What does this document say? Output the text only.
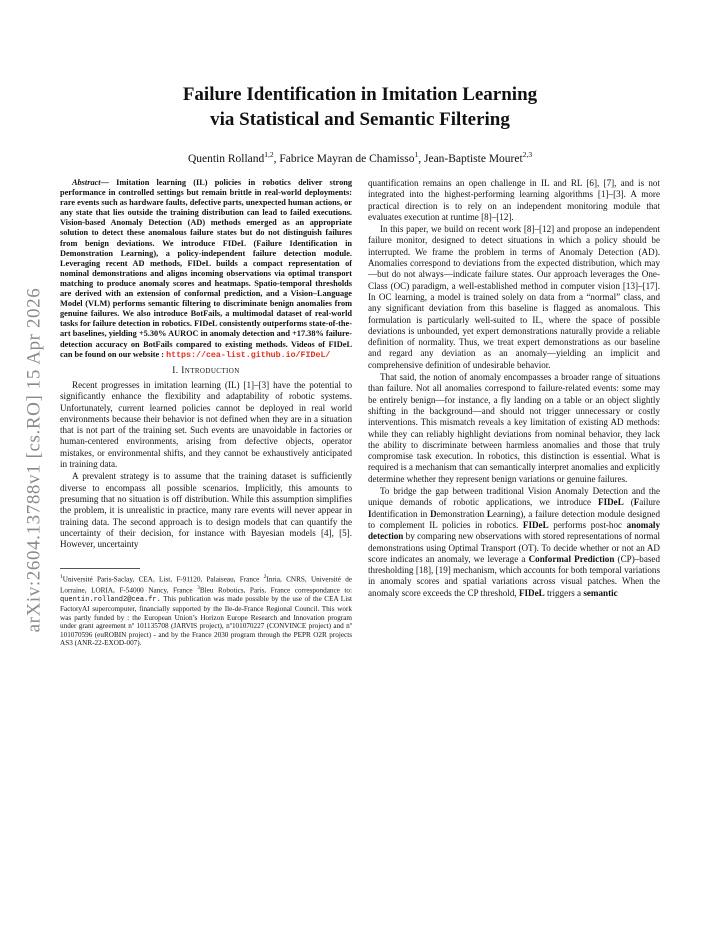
arXiv:2604.13788v1 [cs.RO] 15 Apr 2026
Failure Identification in Imitation Learning
via Statistical and Semantic Filtering
Quentin Rolland$^{1,2}$, Fabrice Mayran de Chamisso$^1$, Jean-Baptiste Mouret$^{2,3}$

Abstract— Imitation learning (IL) policies in robotics deliver strong performance in controlled settings but remain brittle in real-world deployments: rare events such as hardware faults, defective parts, unexpected human actions, or any state that lies outside the training distribution can lead to failed executions. Vision-based Anomaly Detection (AD) methods emerged as an appropriate solution to detect these anomalous failure states but do not distinguish failures from benign deviations. We introduce FIDeL (Failure Identification in Demonstration Learning), a policy-independent failure detection module. Leveraging recent AD methods, FIDeL builds a compact representation of nominal demonstrations and aligns incoming observations via optimal transport matching to produce anomaly scores and heatmaps. Spatio-temporal thresholds are derived with an extension of conformal prediction, and a Vision–Language Model (VLM) performs semantic filtering to discriminate benign anomalies from genuine failures. We also introduce BotFails, a multimodal dataset of real-world tasks for failure detection in robotics. FIDeL consistently outperforms state-of-the-art baselines, yielding +5.30% AUROC in anomaly detection and +17.38% failure-detection accuracy on BotFails compared to existing methods. Videos of FIDeL can be found on our website : https://cea-list.github.io/FIDeL/

I. Introduction

Recent progresses in imitation learning (IL) [1]–[3] have the potential to significantly enhance the flexibility and adaptability of robotic systems. Unfortunately, current learned policies cannot be deployed in real world environments because their behavior is not defined when they are in a situation that is not part of the training set. Such events are unavoidable in factories or human-centered environments, arising from defective objects, operator mistakes, or environmental shifts, and they cannot be exhaustively anticipated in training data.

A prevalent strategy is to assume that the training dataset is sufficiently diverse to encompass all possible scenarios. Implicitly, this amounts to presuming that no situation is off distribution. While this assumption simplifies the problem, it is unrealistic in practice, many rare events will never appear in training data. The second approach is to design models that can quantify the uncertainty of their decision, for instance with Bayesian models [4], [5]. However, uncertainty

$^1$Université Paris-Saclay, CEA, List, F-91120, Palaiseau, France $^2$Inria, CNRS, Université de Lorraine, LORIA, F-54000 Nancy, France $^3$Bleu Robotics, Paris, France correspondance to: quentin.rolland2@cea.fr. This publication was made possible by the use of the CEA List FactoryAI supercomputer, financially supported by the Ile-de-France Regional Council. This work was partly funded by : the European Union’s Horizon Europe Research and Innovation program under grant agreement nº 101135708 (JARVIS project), nº101070227 (CONVINCE project) and nº 101070596 (euROBIN project) - and by the France 2030 program through the PEPR O2R projects AS3 (ANR-22-EXOD-007).

quantification remains an open challenge in IL and RL [6], [7], and is not integrated into the highest-performing learning algorithms [1]–[3]. A more practical direction is to rely on an independent monitoring module that evaluates execution at runtime [8]–[12].

In this paper, we build on recent work [8]–[12] and propose an independent failure monitor, designed to detect situations in which a policy should be interrupted. We frame the problem in terms of Anomaly Detection (AD). Anomalies correspond to deviations from the expected distribution, which may—but do not always—indicate failure states. Our approach leverages the One-Class (OC) paradigm, a well-established method in computer vision [13]–[17]. In OC learning, a model is trained solely on data from a “normal” class, and any significant deviation from this baseline is flagged as anomalous. This formulation is particularly well-suited to IL, where the space of possible deviations is unbounded, yet expert demonstrations naturally provide a reliable definition of normality. Thus, we treat expert demonstrations as our baseline and regard any deviation as an anomaly—yielding an implicit and comprehensive definition of undesirable behavior.

That said, the notion of anomaly encompasses a broader range of situations than failure. Not all anomalies correspond to failure-related events: some may be entirely benign—for instance, a fly landing on a table or an object slightly shifting in the background—and should not trigger unnecessary or costly interventions. This mismatch reveals a key limitation of existing AD methods: while they can reliably highlight deviations from nominal behavior, they lack the ability to discriminate between harmless anomalies and those that truly compromise task execution. In robotics, this distinction is essential. What is required is a mechanism that can semantically interpret anomalies and explicitly determine whether they represent benign variations or genuine failures.

To bridge the gap between traditional Vision Anomaly Detection and the unique demands of robotic applications, we introduce FIDeL (Failure Identification in Demonstration Learning), a failure detection module designed to complement IL policies in robotics. FIDeL performs post-hoc anomaly detection by comparing new observations with stored representations of normal demonstrations using Optimal Transport (OT). To decide whether or not an AD score indicates an anomaly, we leverage a Conformal Prediction (CP)–based thresholding [18], [19] mechanism, which accounts for both temporal variations in anomaly scores and spatial variations across visual patches. When the anomaly score exceeds the CP threshold, FIDeL triggers a semantic
